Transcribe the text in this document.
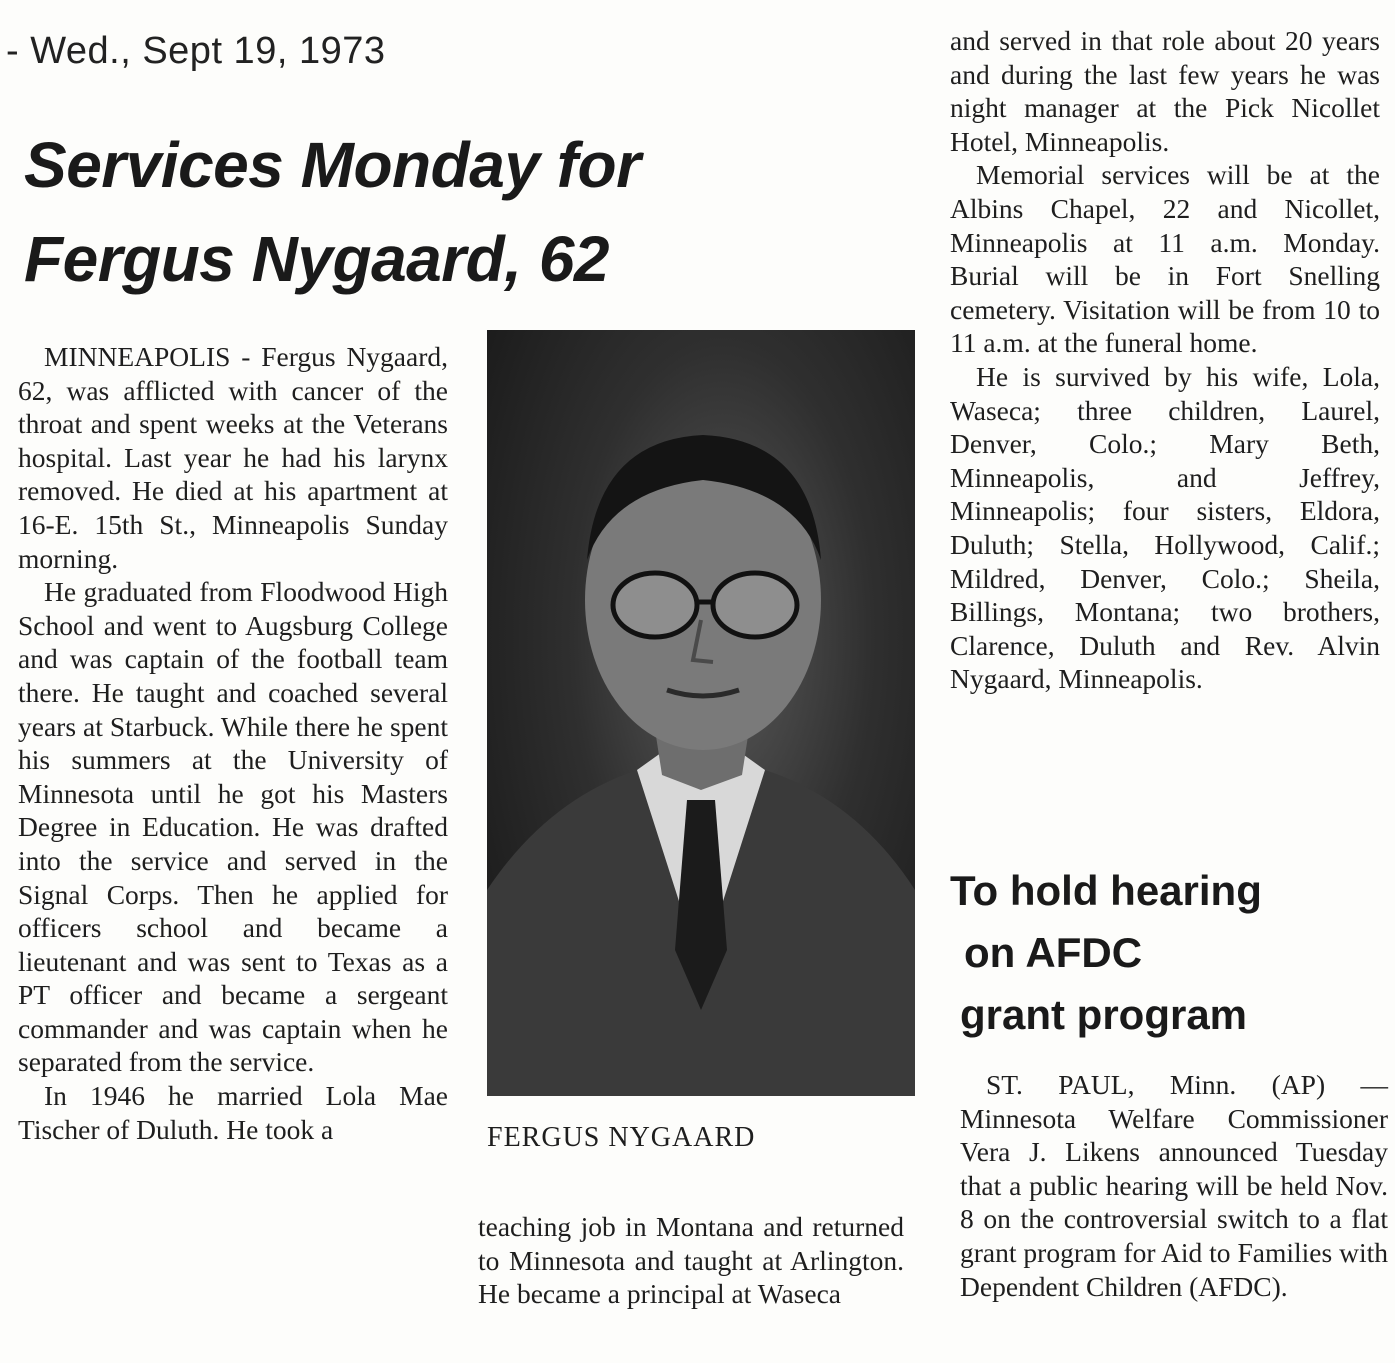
- Wed., Sept 19, 1973
Services Monday for
Fergus Nygaard, 62

MINNEAPOLIS - Fergus Nygaard, 62, was afflicted with cancer of the throat and spent weeks at the Veterans hospital. Last year he had his larynx removed. He died at his apartment at 16-E. 15th St., Minneapolis Sunday morning.

He graduated from Floodwood High School and went to Augsburg College and was captain of the football team there. He taught and coached several years at Starbuck. While there he spent his summers at the University of Minnesota until he got his Masters Degree in Education. He was drafted into the service and served in the Signal Corps. Then he applied for officers school and became a lieutenant and was sent to Texas as a PT officer and became a sergeant commander and was captain when he separated from the service.

In 1946 he married Lola Mae Tischer of Duluth. He took a	FERGUS NYGAARD

teaching job in Montana and returned to Minnesota and taught at Arlington. He became a principal at Waseca

and served in that role about 20 years and during the last few years he was night manager at the Pick Nicollet Hotel, Minneapolis.

Memorial services will be at the Albins Chapel, 22 and Nicollet, Minneapolis at 11 a.m. Monday. Burial will be in Fort Snelling cemetery. Visitation will be from 10 to 11 a.m. at the funeral home.

He is survived by his wife, Lola, Waseca; three children, Laurel, Denver, Colo.; Mary Beth, Minneapolis, and Jeffrey, Minneapolis; four sisters, Eldora, Duluth; Stella, Hollywood, Calif.; Mildred, Denver, Colo.; Sheila, Billings, Montana; two brothers, Clarence, Duluth and Rev. Alvin Nygaard, Minneapolis.

To hold hearing
on AFDC
grant program

ST. PAUL, Minn. (AP) — Minnesota Welfare Commissioner Vera J. Likens announced Tuesday that a public hearing will be held Nov. 8 on the controversial switch to a flat grant program for Aid to Families with Dependent Children (AFDC).
